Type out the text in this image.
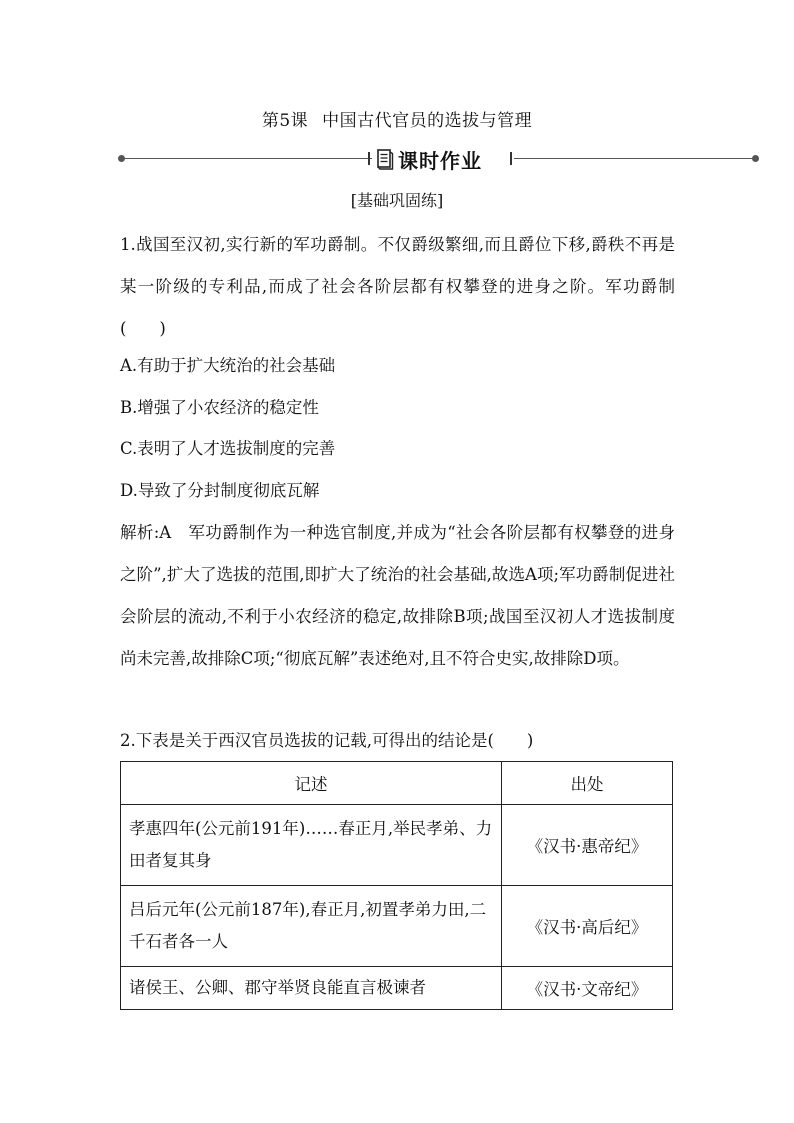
第5课 中国古代官员的选拔与管理
课时作业
[基础巩固练]
1.战国至汉初,实行新的军功爵制。不仅爵级繁细,而且爵位下移,爵秩不再是某一阶级的专利品,而成了社会各阶层都有权攀登的进身之阶。军功爵制(　　)
A.有助于扩大统治的社会基础
B.增强了小农经济的稳定性
C.表明了人才选拔制度的完善
D.导致了分封制度彻底瓦解
解析:A　军功爵制作为一种选官制度,并成为“社会各阶层都有权攀登的进身之阶”,扩大了选拔的范围,即扩大了统治的社会基础,故选A项;军功爵制促进社会阶层的流动,不利于小农经济的稳定,故排除B项;战国至汉初人才选拔制度尚未完善,故排除C项;“彻底瓦解”表述绝对,且不符合史实,故排除D项。
2.下表是关于西汉官员选拔的记载,可得出的结论是(　　)
记述	出处
孝惠四年(公元前191年)……春正月,举民孝弟、力田者复其身	《汉书·惠帝纪》
吕后元年(公元前187年),春正月,初置孝弟力田,二千石者各一人	《汉书·高后纪》
诸侯王、公卿、郡守举贤良能直言极谏者	《汉书·文帝纪》
